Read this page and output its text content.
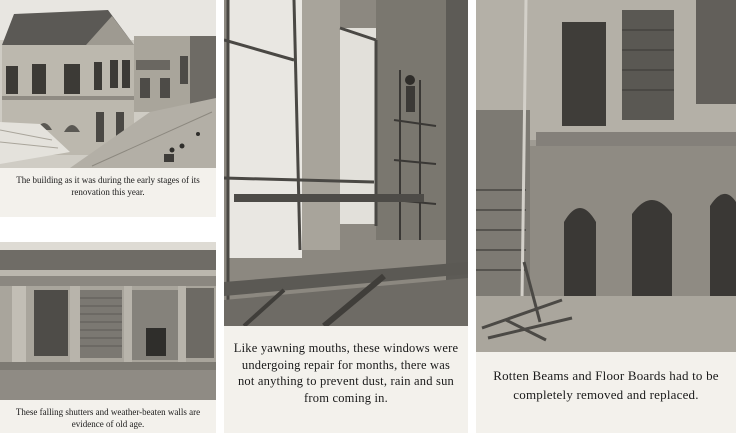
The building as it was during the early stages of its renovation this year.
These falling shutters and weather-beaten walls are evidence of old age.
Like yawning mouths, these windows were undergoing repair for months, there was not anything to prevent dust, rain and sun from coming in.
Rotten Beams and Floor Boards had to be completely removed and replaced.
